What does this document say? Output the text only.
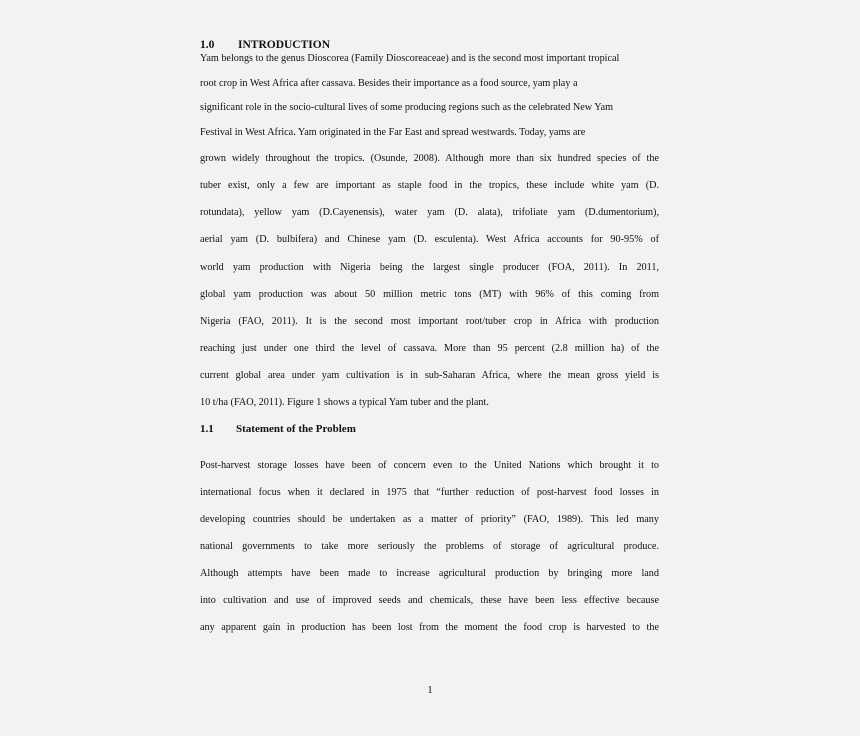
1.0 INTRODUCTION
Yam belongs to the genus Dioscorea (Family Dioscoreaceae) and is the second most important tropical
root crop in West Africa after cassava. Besides their importance as a food source, yam play a
significant role in the socio-cultural lives of some producing regions such as the celebrated New Yam
Festival in West Africa. Yam originated in the Far East and spread westwards. Today, yams are
grown widely throughout the tropics. (Osunde, 2008). Although more than six hundred species of the
tuber exist, only a few are important as staple food in the tropics, these include white yam (D.
rotundata), yellow yam (D.Cayenensis), water yam (D. alata), trifoliate yam (D.dumentorium),
aerial yam (D. bulbifera) and Chinese yam (D. esculenta). West Africa accounts for 90-95% of
world yam production with Nigeria being the largest single producer (FOA, 2011). In 2011,
global yam production was about 50 million metric tons (MT) with 96% of this coming from
Nigeria (FAO, 2011). It is the second most important root/tuber crop in Africa with production
reaching just under one third the level of cassava. More than 95 percent (2.8 million ha) of the
current global area under yam cultivation is in sub-Saharan Africa, where the mean gross yield is
10 t/ha (FAO, 2011). Figure 1 shows a typical Yam tuber and the plant.
1.1 Statement of the Problem
Post-harvest storage losses have been of concern even to the United Nations which brought it to
international focus when it declared in 1975 that “further reduction of post-harvest food losses in
developing countries should be undertaken as a matter of priority” (FAO, 1989). This led many
national governments to take more seriously the problems of storage of agricultural produce.
Although attempts have been made to increase agricultural production by bringing more land
into cultivation and use of improved seeds and chemicals, these have been less effective because
any apparent gain in production has been lost from the moment the food crop is harvested to the
1
